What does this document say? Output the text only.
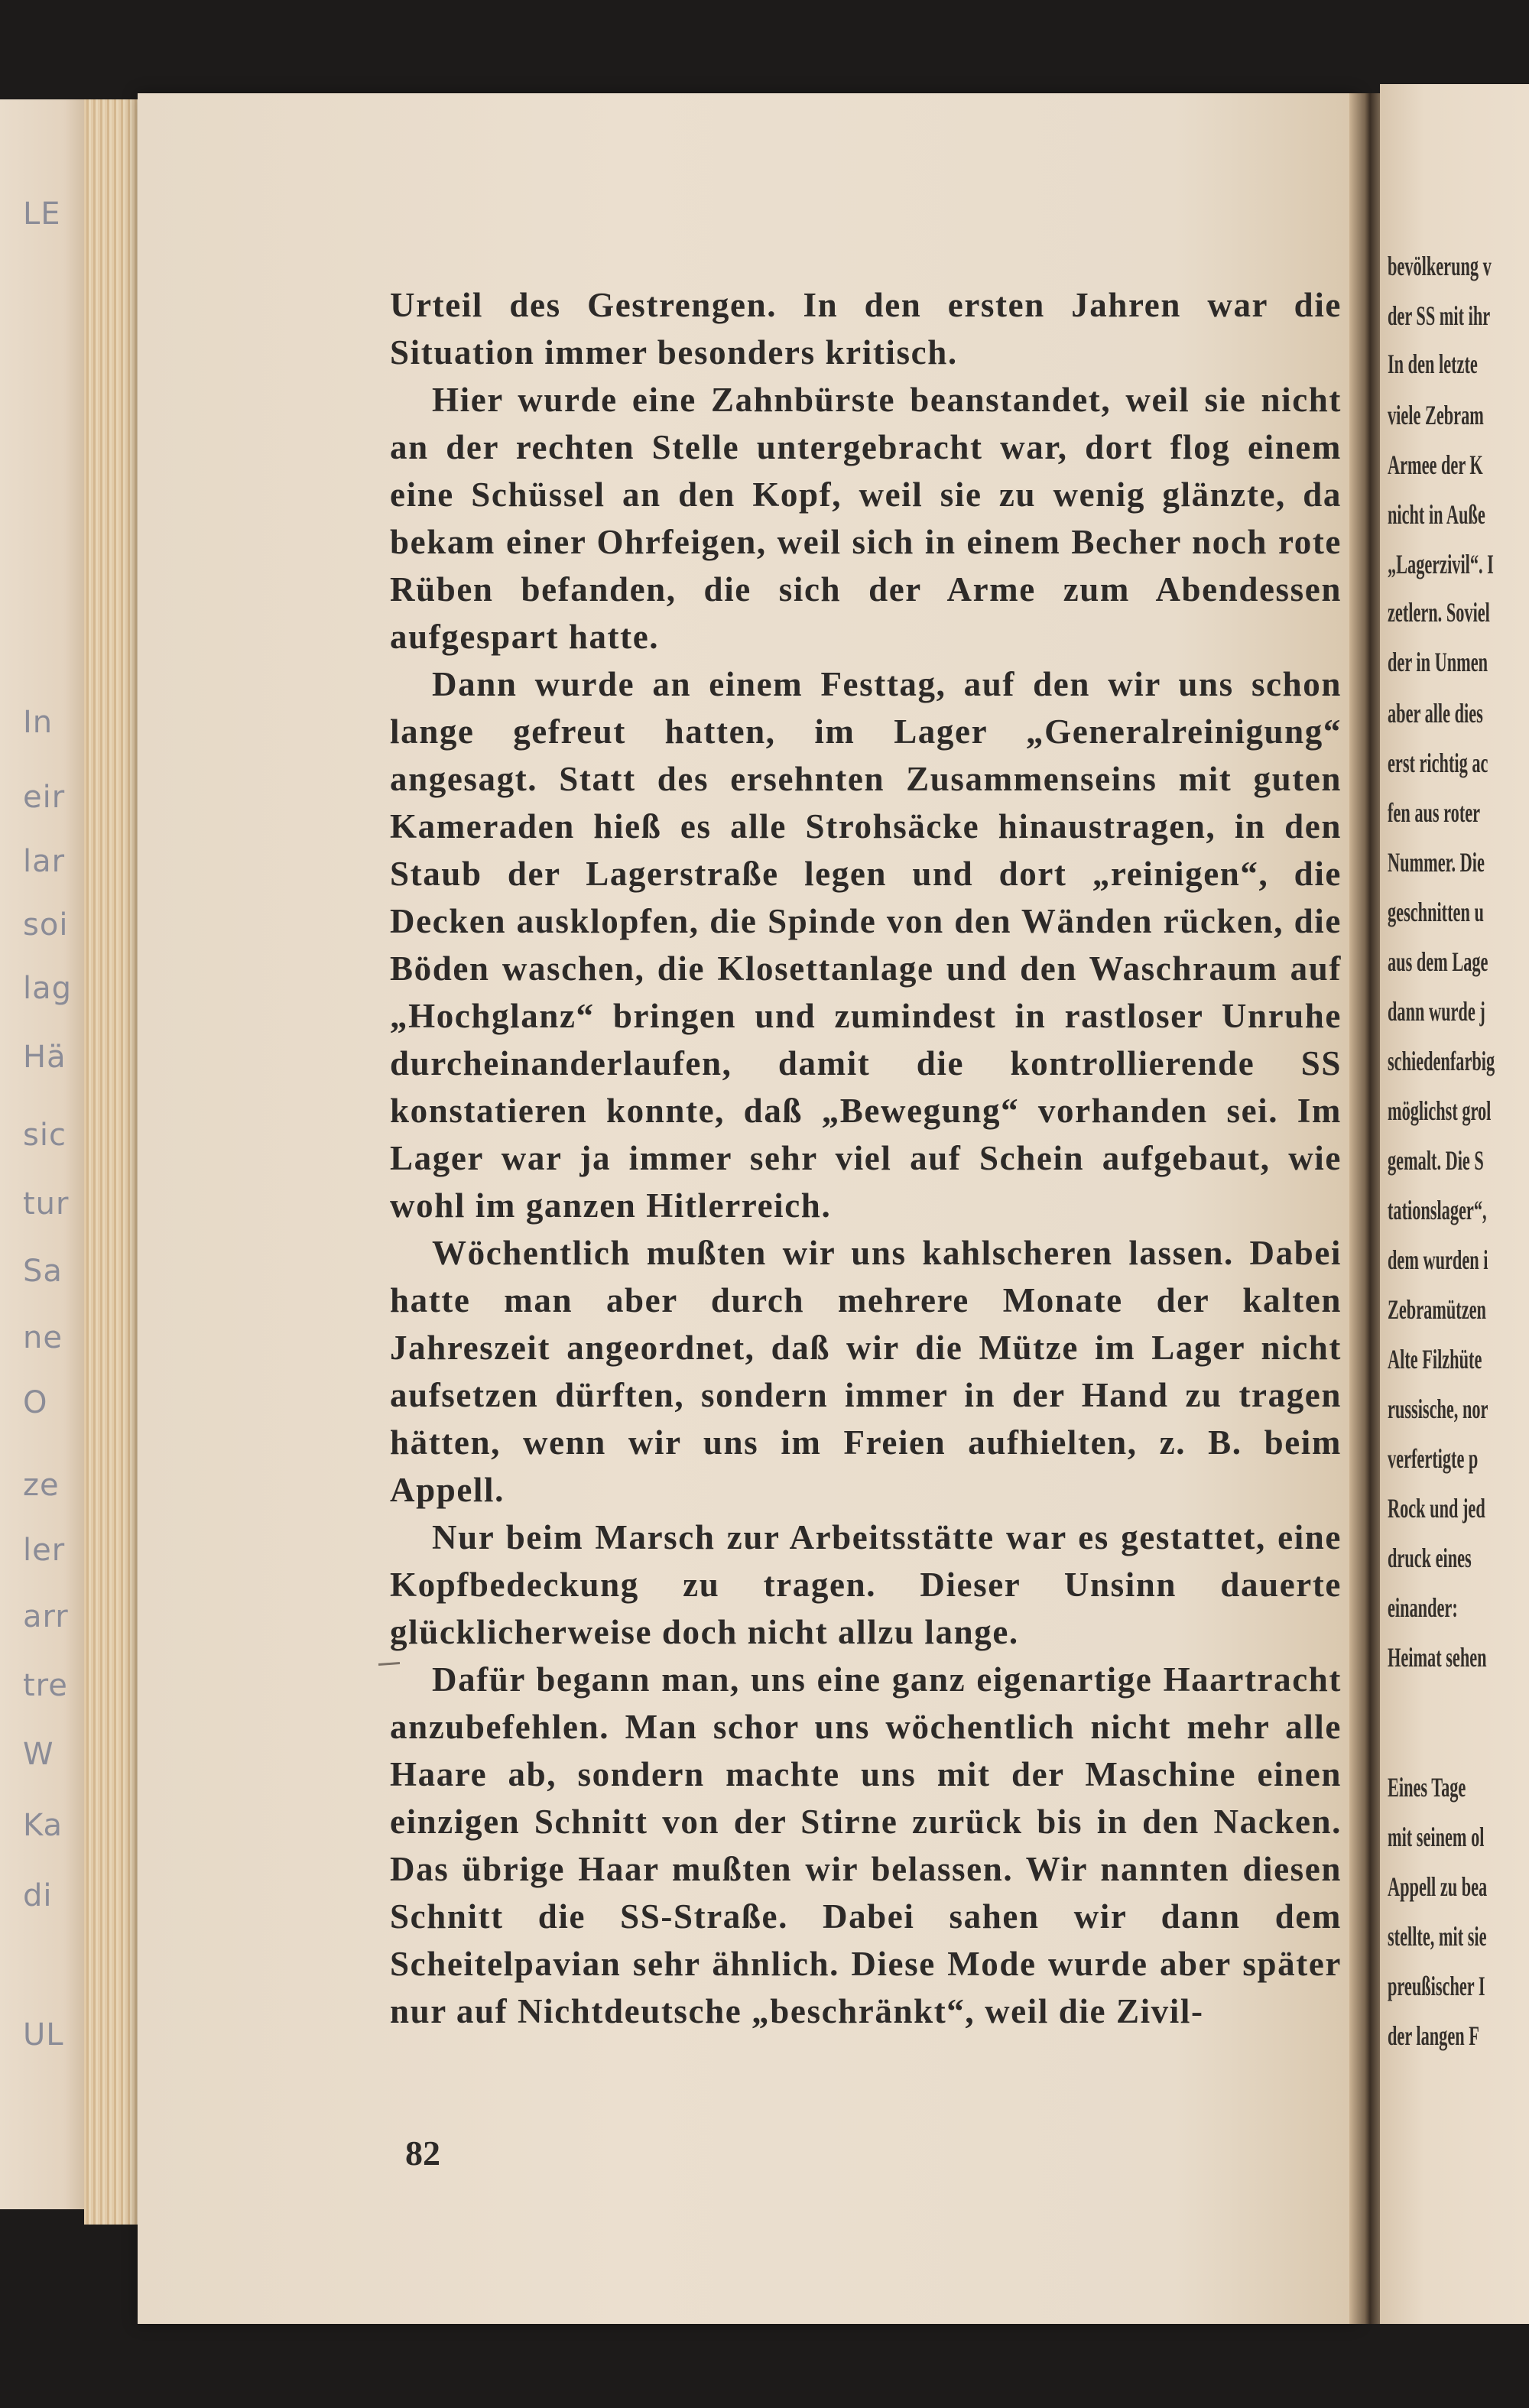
LE
In
eir
lar
soi
lag
Hä
sic
tur
Sa
ne
O
ze
ler
arr
tre
W
Ka
di
UL
bevölkerung v
der SS mit ihr
In den letzte
viele Zebram
Armee der K
nicht in Auße
„Lagerzivil“. I
zetlern. Soviel
der in Unmen
aber alle dies
erst richtig ac
fen aus roter
Nummer. Die
geschnitten u
aus dem Lage
dann wurde j
schiedenfarbig
möglichst grol
gemalt. Die S
tationslager“,
dem wurden i
Zebramützen
Alte Filzhüte
russische, nor
verfertigte p
Rock und jed
druck eines
einander:
Heimat sehen
Eines Tage
mit seinem ol
Appell zu bea
stellte, mit sie
preußischer I
der langen F

Urteil des Gestrengen. In den ersten Jahren war die Situation immer besonders kritisch.

Hier wurde eine Zahnbürste beanstandet, weil sie nicht an der rechten Stelle untergebracht war, dort flog einem eine Schüssel an den Kopf, weil sie zu wenig glänzte, da bekam einer Ohrfeigen, weil sich in einem Becher noch rote Rüben befanden, die sich der Arme zum Abendessen aufgespart hatte.

Dann wurde an einem Festtag, auf den wir uns schon lange gefreut hatten, im Lager „Generalreinigung“ angesagt. Statt des ersehnten Zusammenseins mit guten Kameraden hieß es alle Strohsäcke hinaustragen, in den Staub der Lagerstraße legen und dort „reinigen“, die Decken ausklopfen, die Spinde von den Wänden rücken, die Böden waschen, die Klosettanlage und den Waschraum auf „Hochglanz“ bringen und zumindest in rastloser Unruhe durcheinanderlaufen, damit die kontrollierende SS konstatieren konnte, daß „Bewegung“ vorhanden sei. Im Lager war ja immer sehr viel auf Schein aufgebaut, wie wohl im ganzen Hitlerreich.

Wöchentlich mußten wir uns kahlscheren lassen. Dabei hatte man aber durch mehrere Monate der kalten Jahreszeit angeordnet, daß wir die Mütze im Lager nicht aufsetzen dürften, sondern immer in der Hand zu tragen hätten, wenn wir uns im Freien aufhielten, z. B. beim Appell.

Nur beim Marsch zur Arbeitsstätte war es gestattet, eine Kopfbedeckung zu tragen. Dieser Unsinn dauerte glücklicherweise doch nicht allzu lange.

Dafür begann man, uns eine ganz eigenartige Haartracht anzubefehlen. Man schor uns wöchentlich nicht mehr alle Haare ab, sondern machte uns mit der Maschine einen einzigen Schnitt von der Stirne zurück bis in den Nacken. Das übrige Haar mußten wir belassen. Wir nannten diesen Schnitt die SS-Straße. Dabei sahen wir dann dem Scheitelpavian sehr ähnlich. Diese Mode wurde aber später nur auf Nichtdeutsche „beschränkt“, weil die Zivil-

82
